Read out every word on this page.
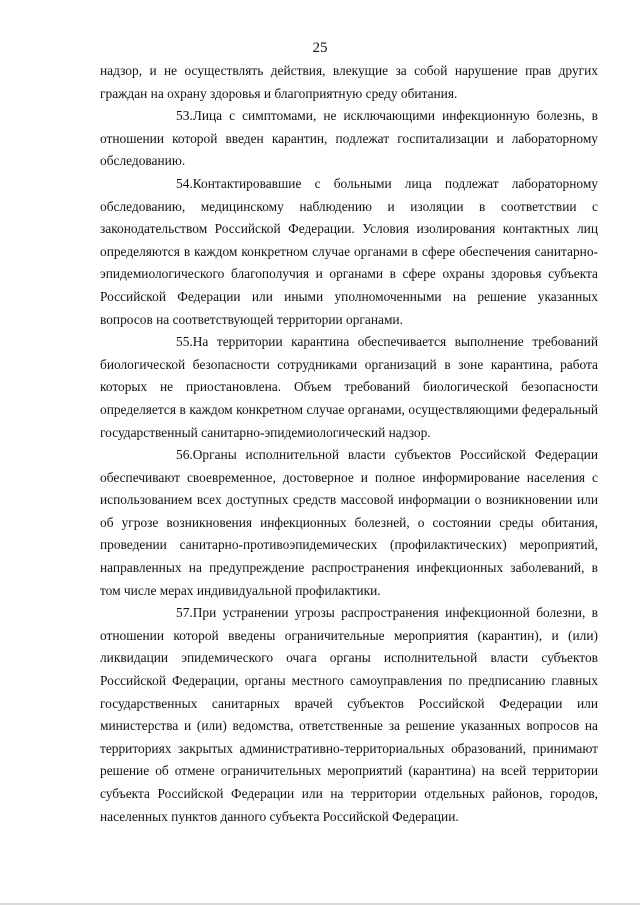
25

надзор, и не осуществлять действия, влекущие за собой нарушение прав других граждан на охрану здоровья и благоприятную среду обитания.

53.Лица с симптомами, не исключающими инфекционную болезнь, в отношении которой введен карантин, подлежат госпитализации и лабораторному обследованию.

54.Контактировавшие с больными лица подлежат лабораторному обследованию, медицинскому наблюдению и изоляции в соответствии с законодательством Российской Федерации. Условия изолирования контактных лиц определяются в каждом конкретном случае органами в сфере обеспечения санитарно-эпидемиологического благополучия и органами в сфере охраны здоровья субъекта Российской Федерации или иными уполномоченными на решение указанных вопросов на соответствующей территории органами.

55.На территории карантина обеспечивается выполнение требований биологической безопасности сотрудниками организаций в зоне карантина, работа которых не приостановлена. Объем требований биологической безопасности определяется в каждом конкретном случае органами, осуществляющими федеральный государственный санитарно-эпидемиологический надзор.

56.Органы исполнительной власти субъектов Российской Федерации обеспечивают своевременное, достоверное и полное информирование населения с использованием всех доступных средств массовой информации о возникновении или об угрозе возникновения инфекционных болезней, о состоянии среды обитания, проведении санитарно-противоэпидемических (профилактических) мероприятий, направленных на предупреждение распространения инфекционных заболеваний, в том числе мерах индивидуальной профилактики.

57.При устранении угрозы распространения инфекционной болезни, в отношении которой введены ограничительные мероприятия (карантин), и (или) ликвидации эпидемического очага органы исполнительной власти субъектов Российской Федерации, органы местного самоуправления по предписанию главных государственных санитарных врачей субъектов Российской Федерации или министерства и (или) ведомства, ответственные за решение указанных вопросов на территориях закрытых административно-территориальных образований, принимают решение об отмене ограничительных мероприятий (карантина) на всей территории субъекта Российской Федерации или на территории отдельных районов, городов, населенных пунктов данного субъекта Российской Федерации.
